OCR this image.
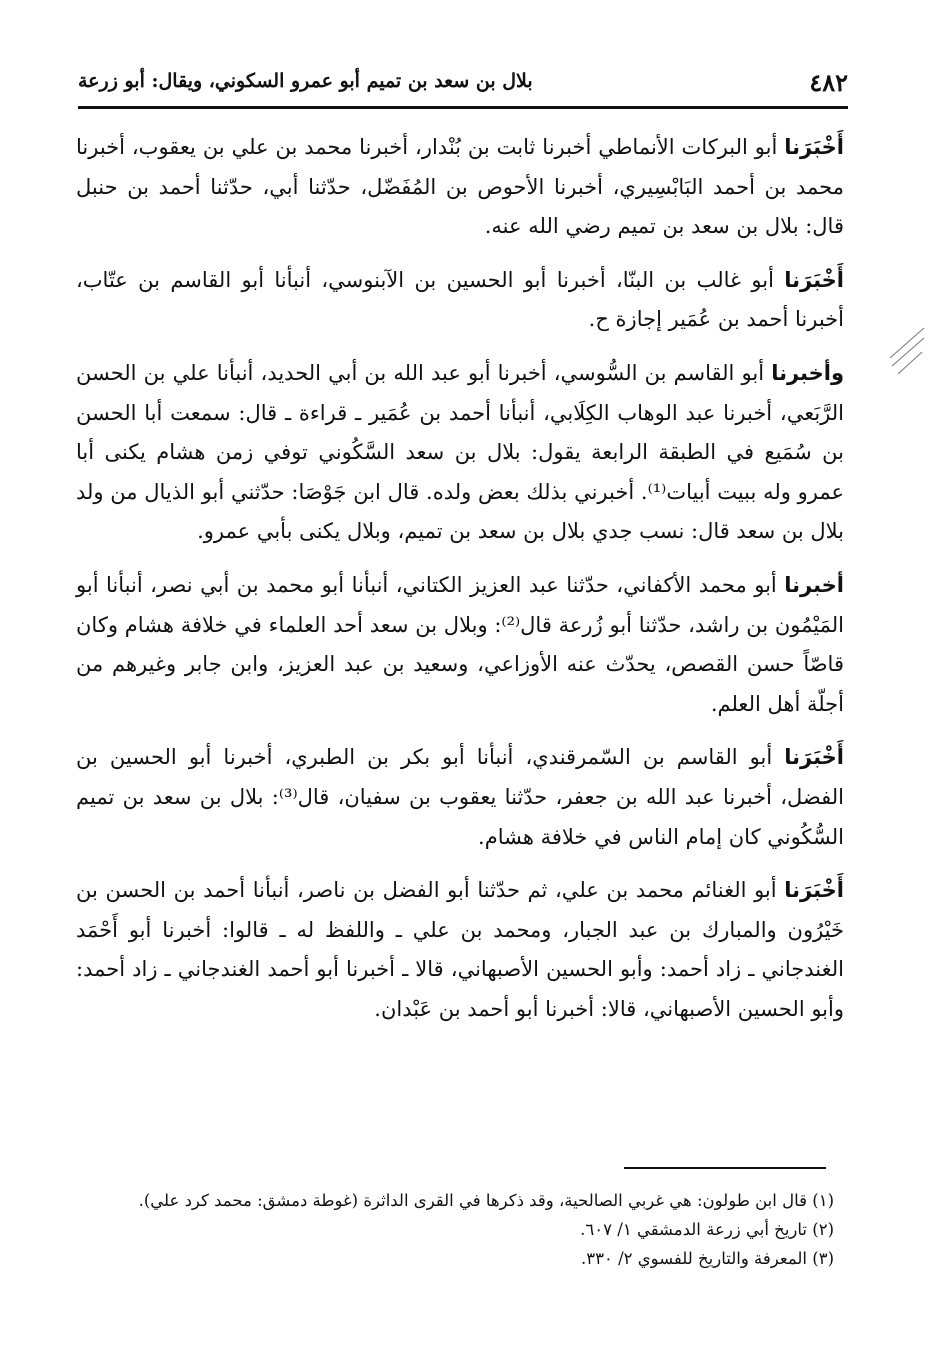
٤٨٢
بلال بن سعد بن تميم أبو عمرو السكوني، ويقال: أبو زرعة

أَخْبَرَنا أبو البركات الأنماطي أخبرنا ثابت بن بُنْدار، أخبرنا محمد بن علي بن يعقوب، أخبرنا محمد بن أحمد البَابْسِيري، أخبرنا الأحوص بن المُفَضّل، حدّثنا أبي، حدّثنا أحمد بن حنبل قال: بلال بن سعد بن تميم رضي الله عنه.

أَخْبَرَنا أبو غالب بن البنّا، أخبرنا أبو الحسين بن الآبنوسي، أنبأنا أبو القاسم بن عتّاب، أخبرنا أحمد بن عُمَير إجازة ح.

وأخبرنا أبو القاسم بن السُّوسي، أخبرنا أبو عبد الله بن أبي الحديد، أنبأنا علي بن الحسن الرَّبَعي، أخبرنا عبد الوهاب الكِلَابي، أنبأنا أحمد بن عُمَير ـ قراءة ـ قال: سمعت أبا الحسن بن سُمَيع في الطبقة الرابعة يقول: بلال بن سعد السَّكُوني توفي زمن هشام يكنى أبا عمرو وله ببيت أبيات⁽¹⁾. أخبرني بذلك بعض ولده. قال ابن جَوْصَا: حدّثني أبو الذيال من ولد بلال بن سعد قال: نسب جدي بلال بن سعد بن تميم، وبلال يكنى بأبي عمرو.

أخبرنا أبو محمد الأكفاني، حدّثنا عبد العزيز الكتاني، أنبأنا أبو محمد بن أبي نصر، أنبأنا أبو المَيْمُون بن راشد، حدّثنا أبو زُرعة قال⁽²⁾: وبلال بن سعد أحد العلماء في خلافة هشام وكان قاصّاً حسن القصص، يحدّث عنه الأوزاعي، وسعيد بن عبد العزيز، وابن جابر وغيرهم من أجلّة أهل العلم.

أَخْبَرَنا أبو القاسم بن السّمرقندي، أنبأنا أبو بكر بن الطبري، أخبرنا أبو الحسين بن الفضل، أخبرنا عبد الله بن جعفر، حدّثنا يعقوب بن سفيان، قال⁽³⁾: بلال بن سعد بن تميم السُّكُوني كان إمام الناس في خلافة هشام.

أَخْبَرَنا أبو الغنائم محمد بن علي، ثم حدّثنا أبو الفضل بن ناصر، أنبأنا أحمد بن الحسن بن خَيْرُون والمبارك بن عبد الجبار، ومحمد بن علي ـ واللفظ له ـ قالوا: أخبرنا أبو أَحْمَد الغندجاني ـ زاد أحمد: وأبو الحسين الأصبهاني، قالا ـ أخبرنا أبو أحمد الغندجاني ـ زاد أحمد: وأبو الحسين الأصبهاني، قالا: أخبرنا أبو أحمد بن عَبْدان.

(١) قال ابن طولون: هي غربي الصالحية، وقد ذكرها في القرى الداثرة (غوطة دمشق: محمد كرد علي).

(٢) تاريخ أبي زرعة الدمشقي ١/ ٦٠٧.

(٣) المعرفة والتاريخ للفسوي ٢/ ٣٣٠.
